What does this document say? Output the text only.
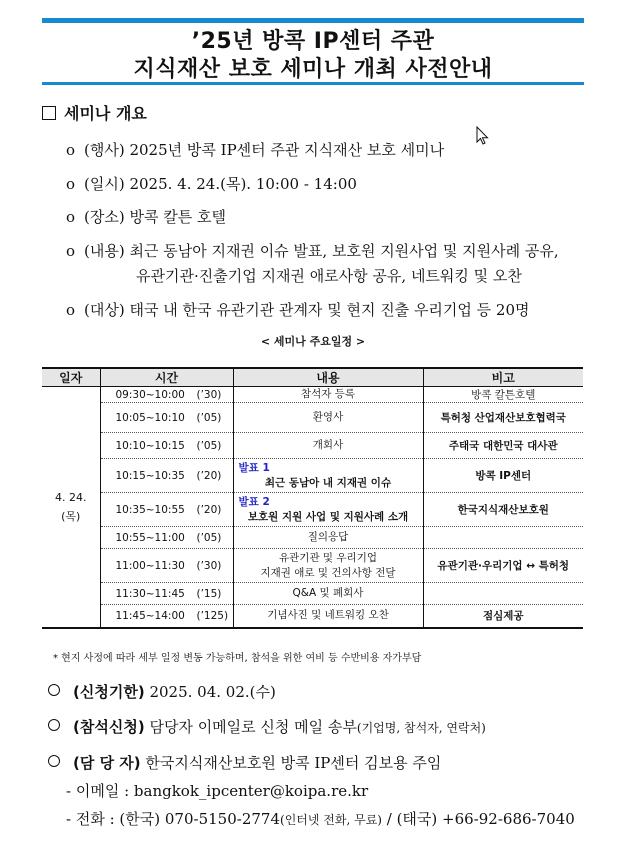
’25년 방콕 IP센터 주관
지식재산 보호 세미나 개최 사전안내
세미나 개요
o (행사) 2025년 방콕 IP센터 주관 지식재산 보호 세미나
o (일시) 2025. 4. 24.(목). 10:00 - 14:00
o (장소) 방콕 칼튼 호텔
o (내용) 최근 동남아 지재권 이슈 발표, 보호원 지원사업 및 지원사례 공유,
유관기관·진출기업 지재권 애로사항 공유, 네트워킹 및 오찬
o (대상) 태국 내 한국 유관기관 관계자 및 현지 진출 우리기업 등 20명
< 세미나 주요일정 >
일자	시간	내용	비고
4. 24.
(목)	09:30~10:00 (’30)	참석자 등록	방콕 칼튼호텔

	10:05~10:10 (’05)	환영사	특허청 산업재산보호협력국

	10:10~10:15 (’05)	개회사	주태국 대한민국 대사관

	10:15~10:35 (’20)	발표 1
최근 동남아 내 지재권 이슈	방콕 IP센터

	10:35~10:55 (’20)	발표 2
보호원 지원 사업 및 지원사례 소개	한국지식재산보호원

	10:55~11:00 (’05)	질의응답	

	11:00~11:30 (’30)	유관기관 및 우리기업
지재권 애로 및 건의사항 전달	유관기관·우리기업 ↔ 특허청

	11:30~11:45 (’15)	Q&A 및 폐회사	

	11:45~14:00 (’125)	기념사진 및 네트워킹 오찬	점심제공
* 현지 사정에 따라 세부 일정 변동 가능하며, 참석을 위한 여비 등 수반비용 자가부담
(신청기한) 2025. 04. 02.(수)
(참석신청) 담당자 이메일로 신청 메일 송부(기업명, 참석자, 연락처)
(담 당 자) 한국지식재산보호원 방콕 IP센터 김보용 주임
- 이메일 : bangkok_ipcenter@koipa.re.kr
- 전화 : (한국) 070-5150-2774(인터넷 전화, 무료) / (태국) +66-92-686-7040
